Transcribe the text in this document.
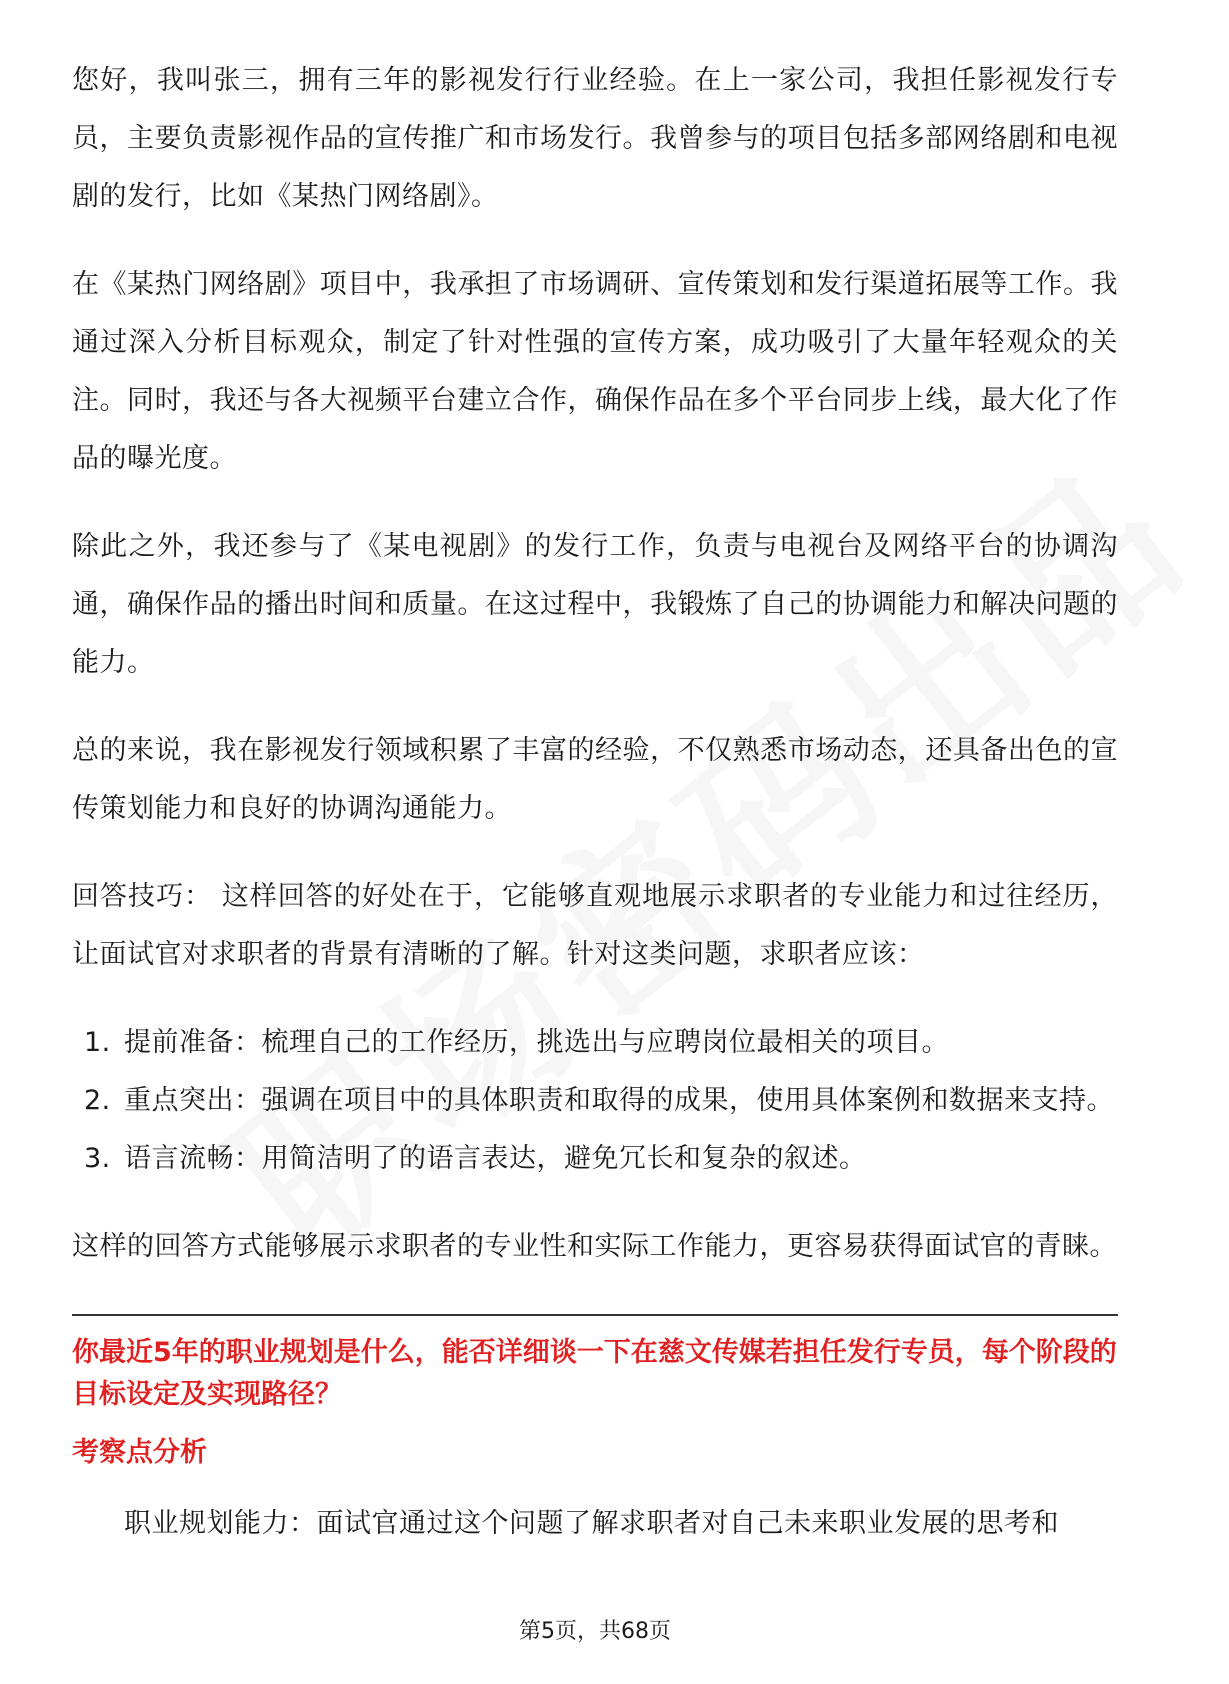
您好，我叫张三，拥有三年的影视发行行业经验。在上一家公司，我担任影视发行专员，主要负责影视作品的宣传推广和市场发行。我曾参与的项目包括多部网络剧和电视剧的发行，比如《某热门网络剧》。

在《某热门网络剧》项目中，我承担了市场调研、宣传策划和发行渠道拓展等工作。我通过深入分析目标观众，制定了针对性强的宣传方案，成功吸引了大量年轻观众的关注。同时，我还与各大视频平台建立合作，确保作品在多个平台同步上线，最大化了作品的曝光度。

除此之外，我还参与了《某电视剧》的发行工作，负责与电视台及网络平台的协调沟通，确保作品的播出时间和质量。在这过程中，我锻炼了自己的协调能力和解决问题的能力。

总的来说，我在影视发行领域积累了丰富的经验，不仅熟悉市场动态，还具备出色的宣传策划能力和良好的协调沟通能力。

回答技巧： 这样回答的好处在于，它能够直观地展示求职者的专业能力和过往经历，让面试官对求职者的背景有清晰的了解。针对这类问题，求职者应该：

1. 提前准备：梳理自己的工作经历，挑选出与应聘岗位最相关的项目。
2. 重点突出：强调在项目中的具体职责和取得的成果，使用具体案例和数据来支持。
3. 语言流畅：用简洁明了的语言表达，避免冗长和复杂的叙述。

这样的回答方式能够展示求职者的专业性和实际工作能力，更容易获得面试官的青睐。

你最近5年的职业规划是什么，能否详细谈一下在慈文传媒若担任发行专员，每个阶段的目标设定及实现路径？
考察点分析
职业规划能力：面试官通过这个问题了解求职者对自己未来职业发展的思考和
第5页，共68页
